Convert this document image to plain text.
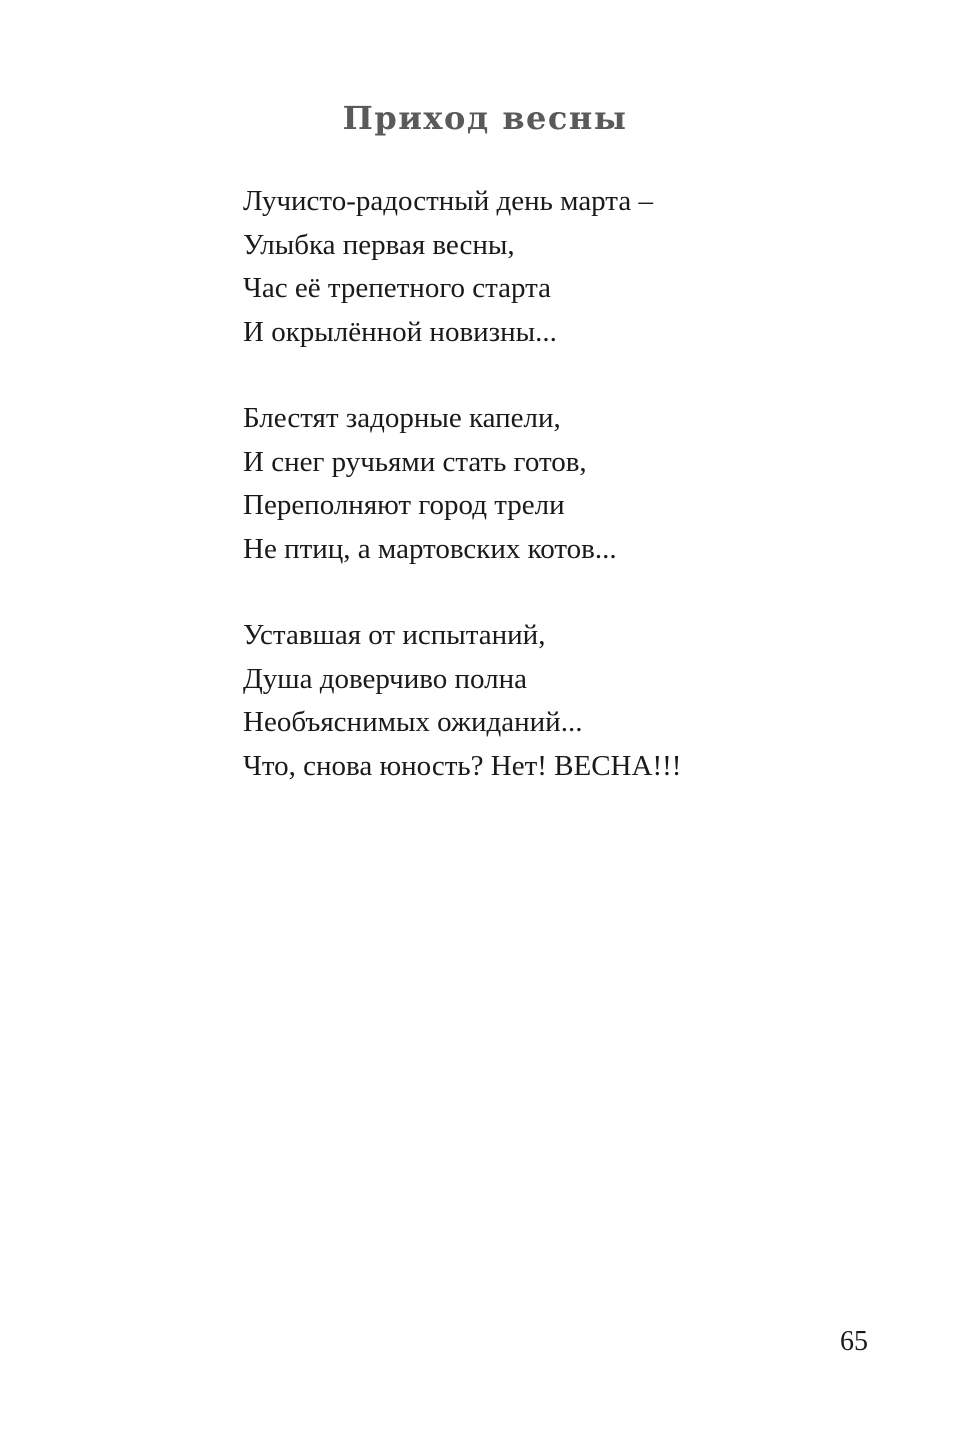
Приход весны
Лучисто-радостный день марта –
Улыбка первая весны,
Час её трепетного старта
И окрылённой новизны...
Блестят задорные капели,
И снег ручьями стать готов,
Переполняют город трели
Не птиц, а мартовских котов...
Уставшая от испытаний,
Душа доверчиво полна
Необъяснимых ожиданий...
Что, снова юность? Нет! ВЕСНА!!!
65
